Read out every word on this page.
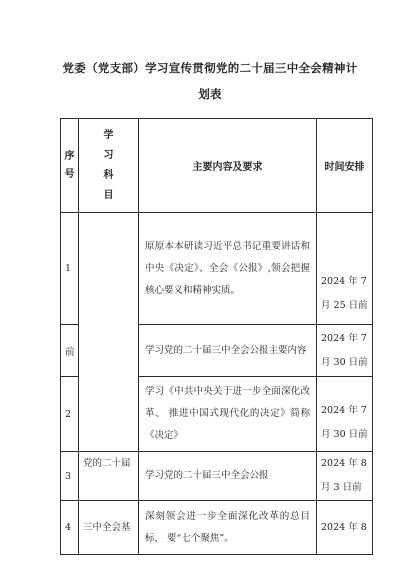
党委（党支部）学习宣传贯彻党的二十届三中全会精神计
划表
序号	学习科目	主要内容及要求	时间安排
1		原原本本研读习近平总书记重要讲话和 中央《决定》、全会《公报》,领会把握 核心要义和精神实质。	2024 年 7 月 25 日前
前		学习党的二十届三中全会公报主要内容	2024 年 7 月 30 日前
2		学习《中共中央关于进一步全面深化改革、 推进中国式现代化的决定》简称《决定》	2024 年 7 月 30 日前
3	党的二十届	学习党的二十届三中全会公报	2024 年 8 月 3 日前
4	三中全会基	深刻领会进一步全面深化改革的总目标， 要“七个聚焦”。	2024 年 8
